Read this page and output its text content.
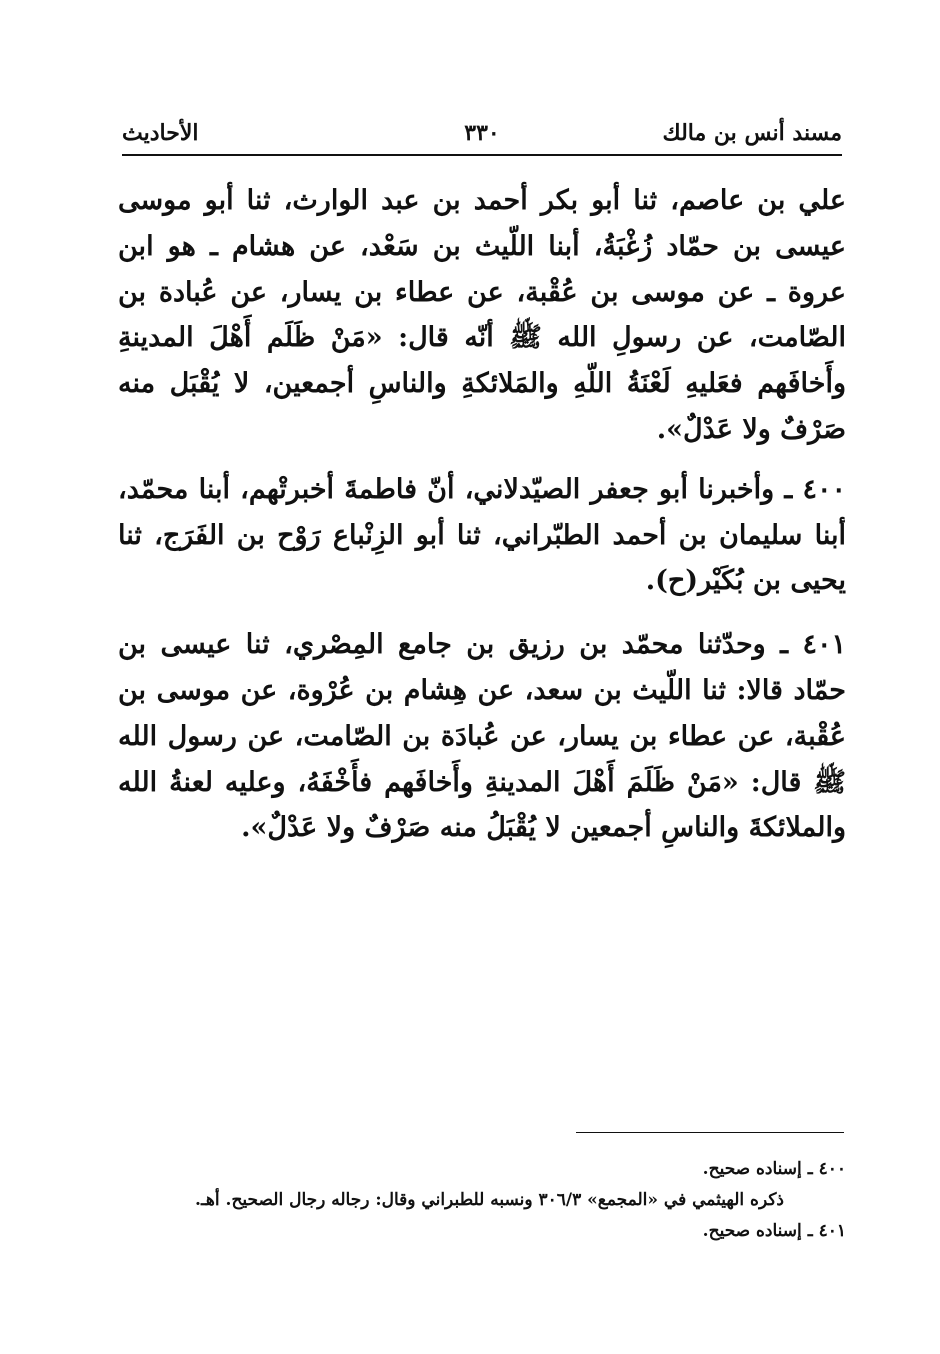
مسند أنس بن مالك
٣٣٠
الأحاديث

علي بن عاصم، ثنا أبو بكر أحمد بن عبد الوارث، ثنا أبو موسى عيسى بن حمّاد زُغْبَةُ، أبنا اللّيث بن سَعْد، عن هشام ـ هو ابن عروة ـ عن موسى بن عُقْبة، عن عطاء بن يسار، عن عُبادة بن الصّامت، عن رسولِ الله ﷺ أنّه قال: «مَنْ ظَلَم أَهْلَ المدينةِ وأَخافَهم فعَليهِ لَعْنَةُ اللّهِ والمَلائكةِ والناسِ أجمعين، لا يُقْبَل منه صَرْفٌ ولا عَدْلٌ».

٤٠٠ ـ وأخبرنا أبو جعفر الصيّدلاني، أنّ فاطمةَ أخبرتْهم، أبنا محمّد، أبنا سليمان بن أحمد الطبّراني، ثنا أبو الزِنْباع رَوْح بن الفَرَج، ثنا يحيى بن بُكَيْر(ح).

٤٠١ ـ وحدّثنا محمّد بن رزيق بن جامع المِصْري، ثنا عيسى بن حمّاد قالا: ثنا اللّيث بن سعد، عن هِشام بن عُرْوة، عن موسى بن عُقْبة، عن عطاء بن يسار، عن عُبادَة بن الصّامت، عن رسول الله ﷺ قال: «مَنْ ظَلَمَ أَهْلَ المدينةِ وأَخافَهم فأَخْفَهُ، وعليه لعنةُ الله والملائكةَ والناسِ أجمعين لا يُقْبَلُ منه صَرْفٌ ولا عَدْلٌ».

٤٠٠ ـ إسناده صحيح.

ذكره الهيثمي في «المجمع» ٣٠٦/٣ ونسبه للطبراني وقال: رجاله رجال الصحيح. أهـ.

٤٠١ ـ إسناده صحيح.
